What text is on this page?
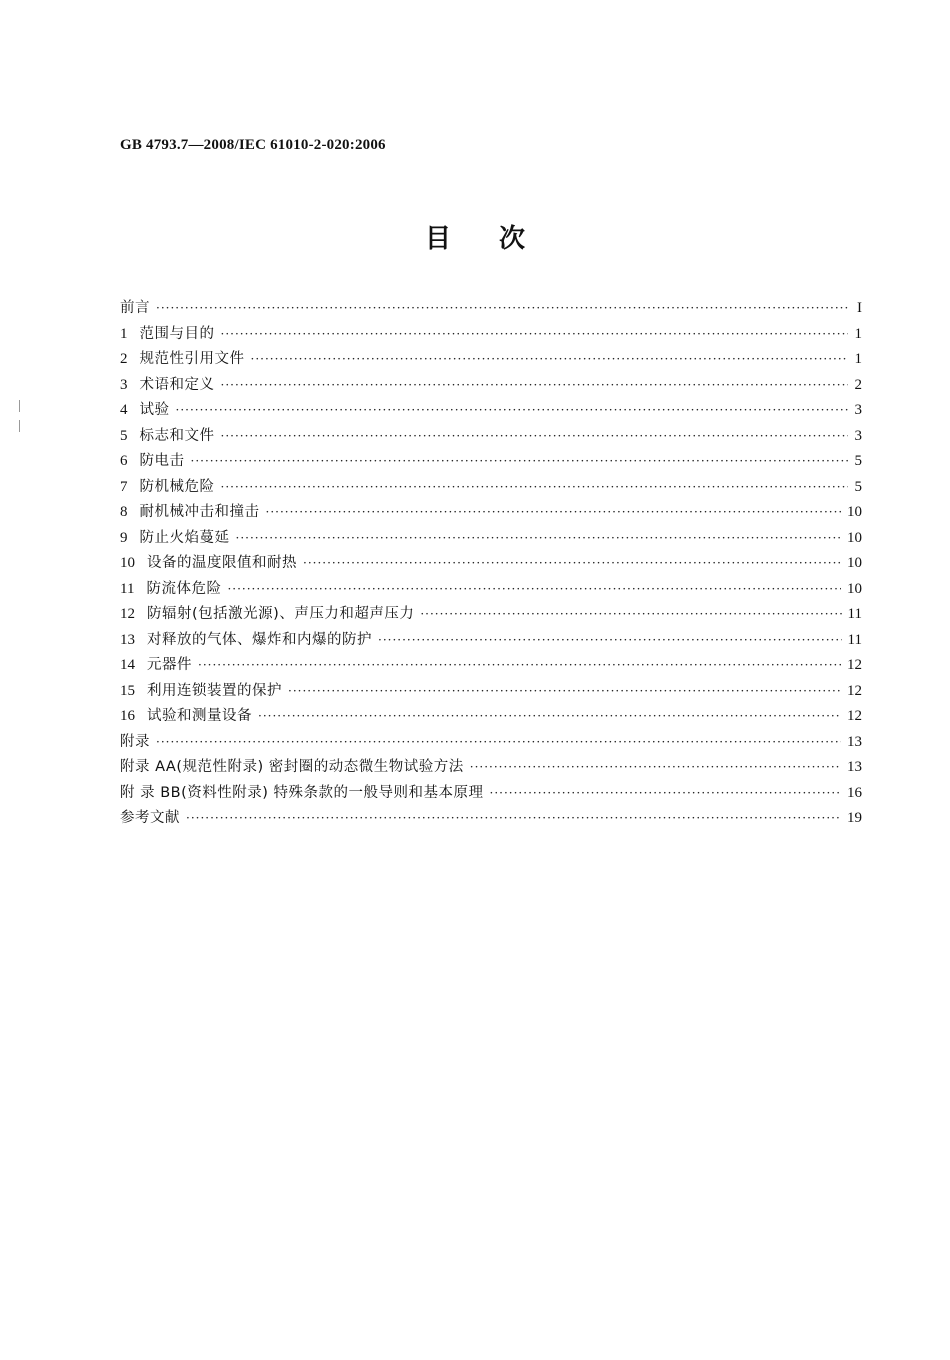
GB 4793.7—2008/IEC 61010-2-020:2006
目次
前言 ·····	I
1 范围与目的 ·····	1
2 规范性引用文件 ·····	1
3 术语和定义 ·····	2
4 试验 ·····	3
5 标志和文件 ·····	3
6 防电击 ·····	5
7 防机械危险 ·····	5
8 耐机械冲击和撞击 ·····	10
9 防止火焰蔓延 ·····	10
10 设备的温度限值和耐热 ·····	10
11 防流体危险 ·····	10
12 防辐射(包括激光源)、声压力和超声压力 ·····	11
13 对释放的气体、爆炸和内爆的防护 ·····	11
14 元器件 ·····	12
15 利用连锁装置的保护 ·····	12
16 试验和测量设备 ·····	12
附录 ·····	13
附录 AA(规范性附录) 密封圈的动态微生物试验方法 ·····	13
附 录 BB(资料性附录) 特殊条款的一般导则和基本原理 ·····	16
参考文献 ·····	19
